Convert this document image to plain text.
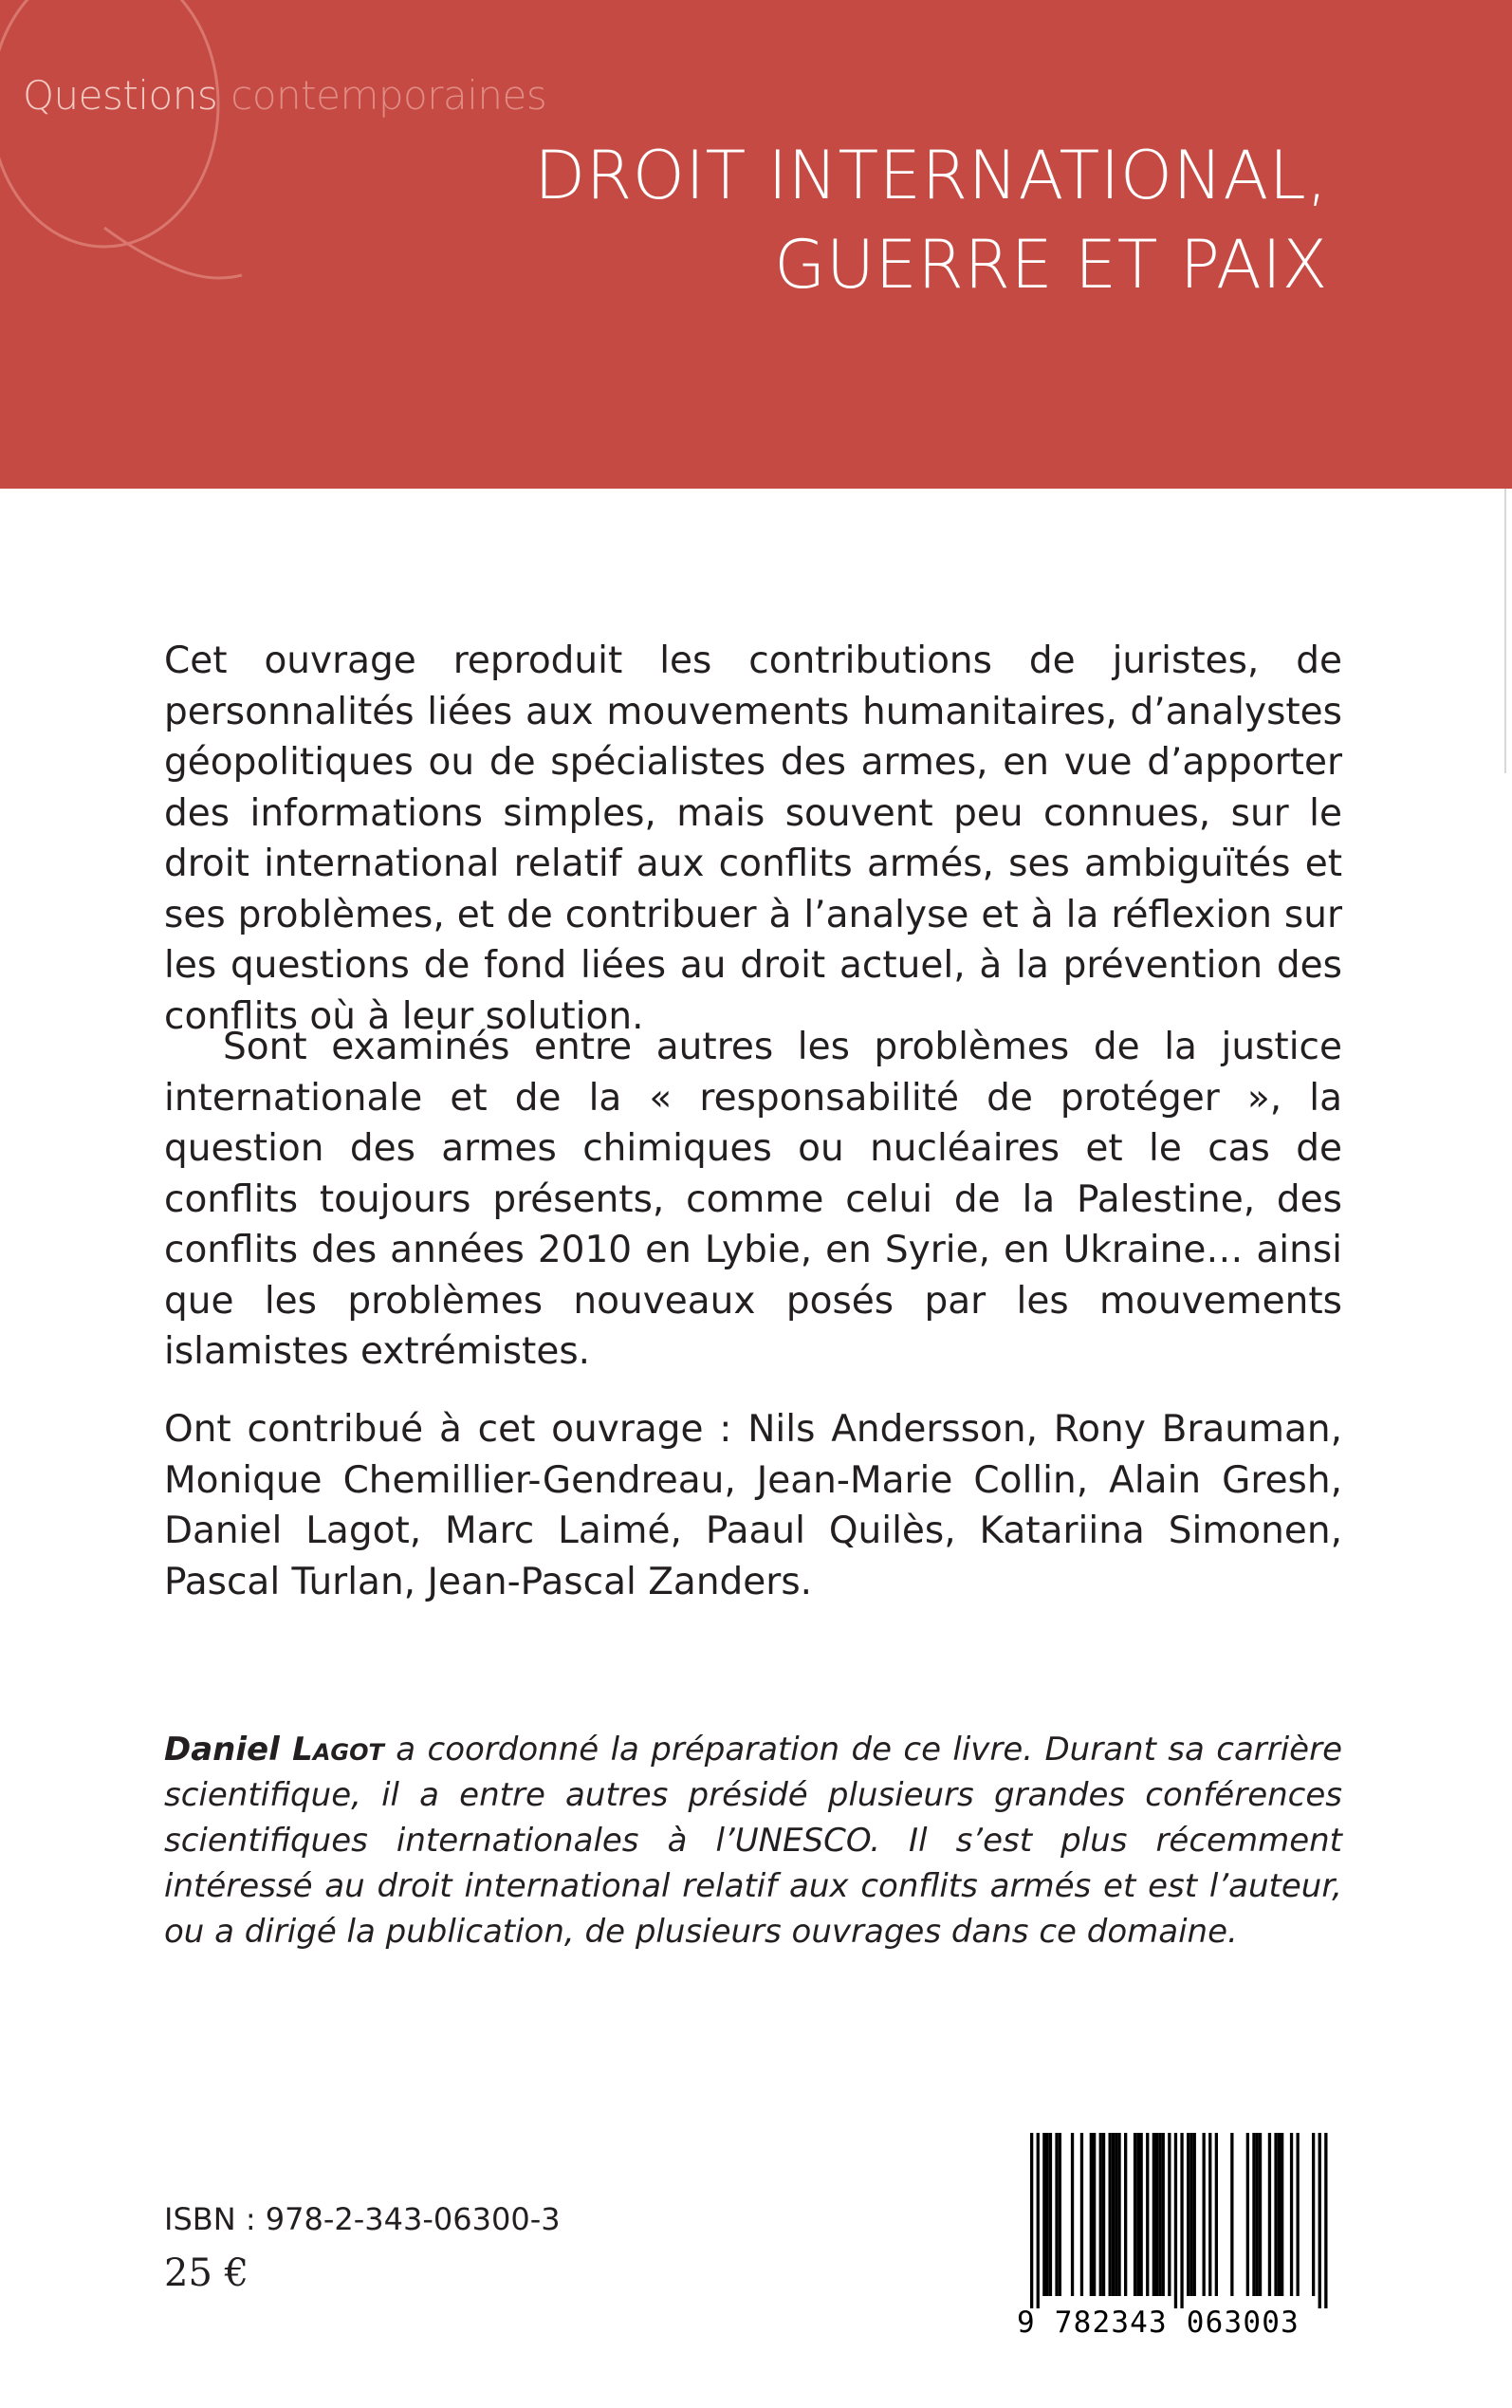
Questions contemporaines
DROIT INTERNATIONAL,
GUERRE ET PAIX
Cet ouvrage reproduit les contributions de juristes, de personnalités liées aux mouvements humanitaires, d’analystes géopolitiques ou de spécialistes des armes, en vue d’apporter des informations simples, mais souvent peu connues, sur le droit international relatif aux conflits armés, ses ambiguïtés et ses problèmes, et de contribuer à l’analyse et à la réflexion sur les questions de fond liées au droit actuel, à la prévention des conflits où à leur solution.
Sont examinés entre autres les problèmes de la justice internationale et de la « responsabilité de protéger », la question des armes chimiques ou nucléaires et le cas de conflits toujours présents, comme celui de la Palestine, des conflits des années 2010 en Lybie, en Syrie, en Ukraine… ainsi que les problèmes nouveaux posés par les mouvements islamistes extrémistes.
Ont contribué à cet ouvrage : Nils Andersson, Rony Brauman, Monique Chemillier-Gendreau, Jean-Marie Collin, Alain Gresh, Daniel Lagot, Marc Laimé, Paaul Quilès, Katariina Simonen, Pascal Turlan, Jean-Pascal Zanders.
Daniel Lagot a coordonné la préparation de ce livre. Durant sa carrière scientifique, il a entre autres présidé plusieurs grandes conférences scientifiques internationales à l’UNESCO. Il s’est plus récemment intéressé au droit international relatif aux conflits armés et est l’auteur, ou a dirigé la publication, de plusieurs ouvrages dans ce domaine.
ISBN : 978-2-343-06300-3
25 €
9 782343 063003
